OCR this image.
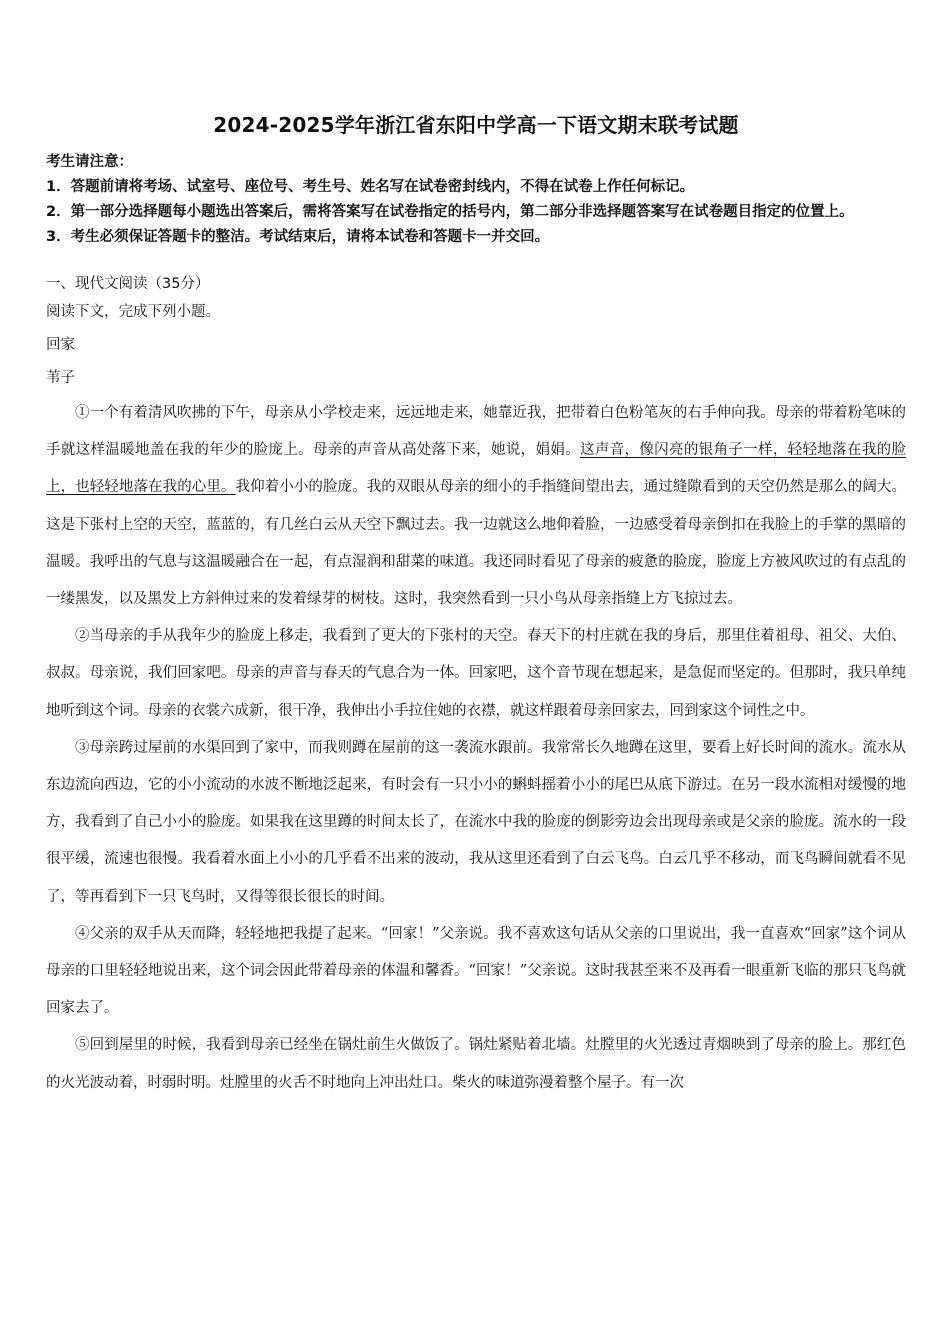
2024-2025学年浙江省东阳中学高一下语文期末联考试题

考生请注意：

1．答题前请将考场、试室号、座位号、考生号、姓名写在试卷密封线内，不得在试卷上作任何标记。

2．第一部分选择题每小题选出答案后，需将答案写在试卷指定的括号内，第二部分非选择题答案写在试卷题目指定的位置上。

3．考生必须保证答题卡的整洁。考试结束后，请将本试卷和答题卡一并交回。

一、现代文阅读（35分）

阅读下文，完成下列小题。

回家

苇子

①一个有着清风吹拂的下午，母亲从小学校走来，远远地走来，她靠近我，把带着白色粉笔灰的右手伸向我。母亲的带着粉笔味的手就这样温暖地盖在我的年少的脸庞上。母亲的声音从高处落下来，她说，娟娟。这声音，像闪亮的银角子一样，轻轻地落在我的脸上，也轻轻地落在我的心里。我仰着小小的脸庞。我的双眼从母亲的细小的手指缝间望出去，通过缝隙看到的天空仍然是那么的阔大。这是下张村上空的天空，蓝蓝的，有几丝白云从天空下飘过去。我一边就这么地仰着脸，一边感受着母亲倒扣在我脸上的手掌的黑暗的温暖。我呼出的气息与这温暖融合在一起，有点湿润和甜菜的味道。我还同时看见了母亲的疲惫的脸庞，脸庞上方被风吹过的有点乱的一缕黑发，以及黑发上方斜伸过来的发着绿芽的树枝。这时，我突然看到一只小鸟从母亲指缝上方飞掠过去。

②当母亲的手从我年少的脸庞上移走，我看到了更大的下张村的天空。春天下的村庄就在我的身后，那里住着祖母、祖父、大伯、叔叔。母亲说，我们回家吧。母亲的声音与春天的气息合为一体。回家吧，这个音节现在想起来，是急促而坚定的。但那时，我只单纯地听到这个词。母亲的衣裳六成新，很干净，我伸出小手拉住她的衣襟，就这样跟着母亲回家去，回到家这个词性之中。

③母亲跨过屋前的水渠回到了家中，而我则蹲在屋前的这一袭流水跟前。我常常长久地蹲在这里，要看上好长时间的流水。流水从东边流向西边，它的小小流动的水波不断地泛起来，有时会有一只小小的蝌蚪摇着小小的尾巴从底下游过。在另一段水流相对缓慢的地方，我看到了自己小小的脸庞。如果我在这里蹲的时间太长了，在流水中我的脸庞的倒影旁边会出现母亲或是父亲的脸庞。流水的一段很平缓，流速也很慢。我看着水面上小小的几乎看不出来的波动，我从这里还看到了白云飞鸟。白云几乎不移动，而飞鸟瞬间就看不见了，等再看到下一只飞鸟时，又得等很长很长的时间。

④父亲的双手从天而降，轻轻地把我提了起来。“回家！”父亲说。我不喜欢这句话从父亲的口里说出，我一直喜欢“回家”这个词从母亲的口里轻轻地说出来，这个词会因此带着母亲的体温和馨香。“回家！”父亲说。这时我甚至来不及再看一眼重新飞临的那只飞鸟就回家去了。

⑤回到屋里的时候，我看到母亲已经坐在锅灶前生火做饭了。锅灶紧贴着北墙。灶膛里的火光透过青烟映到了母亲的脸上。那红色的火光波动着，时弱时明。灶膛里的火舌不时地向上冲出灶口。柴火的味道弥漫着整个屋子。有一次
